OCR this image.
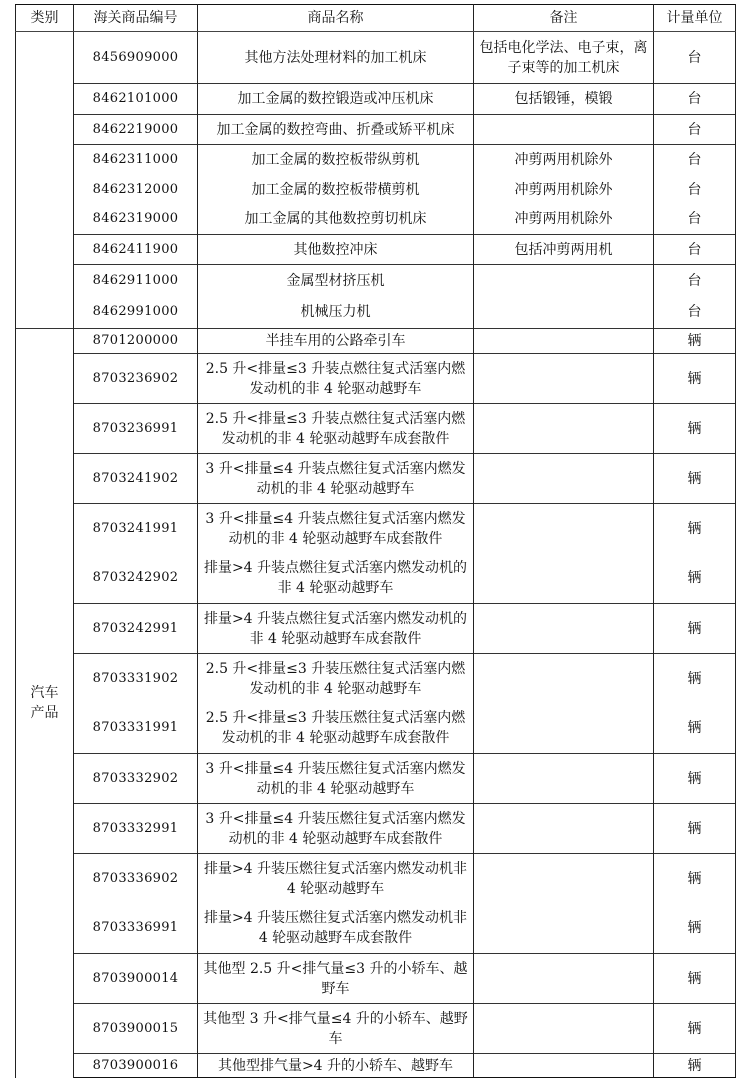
类别	海关商品编号	商品名称	备注	计量单位
	8456909000	其他方法处理材料的加工机床	包括电化学法、电子束，离子束等的加工机床	台
	8462101000	加工金属的数控锻造或冲压机床	包括锻锤，模锻	台
	8462219000	加工金属的数控弯曲、折叠或矫平机床		台
	8462311000	加工金属的数控板带纵剪机	冲剪两用机除外	台
	8462312000	加工金属的数控板带横剪机	冲剪两用机除外	台
	8462319000	加工金属的其他数控剪切机床	冲剪两用机除外	台
	8462411900	其他数控冲床	包括冲剪两用机	台
	8462911000	金属型材挤压机		台
	8462991000	机械压力机		台
汽车产品	8701200000	半挂车用的公路牵引车		辆
	8703236902	2.5 升<排量≤3 升装点燃往复式活塞内燃发动机的非 4 轮驱动越野车		辆
	8703236991	2.5 升<排量≤3 升装点燃往复式活塞内燃发动机的非 4 轮驱动越野车成套散件		辆
	8703241902	3 升<排量≤4 升装点燃往复式活塞内燃发动机的非 4 轮驱动越野车		辆
	8703241991	3 升<排量≤4 升装点燃往复式活塞内燃发动机的非 4 轮驱动越野车成套散件		辆
	8703242902	排量>4 升装点燃往复式活塞内燃发动机的非 4 轮驱动越野车		辆
	8703242991	排量>4 升装点燃往复式活塞内燃发动机的非 4 轮驱动越野车成套散件		辆
	8703331902	2.5 升<排量≤3 升装压燃往复式活塞内燃发动机的非 4 轮驱动越野车		辆
	8703331991	2.5 升<排量≤3 升装压燃往复式活塞内燃发动机的非 4 轮驱动越野车成套散件		辆
	8703332902	3 升<排量≤4 升装压燃往复式活塞内燃发动机的非 4 轮驱动越野车		辆
	8703332991	3 升<排量≤4 升装压燃往复式活塞内燃发动机的非 4 轮驱动越野车成套散件		辆
	8703336902	排量>4 升装压燃往复式活塞内燃发动机非 4 轮驱动越野车		辆
	8703336991	排量>4 升装压燃往复式活塞内燃发动机非 4 轮驱动越野车成套散件		辆
	8703900014	其他型 2.5 升<排气量≤3 升的小轿车、越野车		辆
	8703900015	其他型 3 升<排气量≤4 升的小轿车、越野车		辆
	8703900016	其他型排气量>4 升的小轿车、越野车		辆
